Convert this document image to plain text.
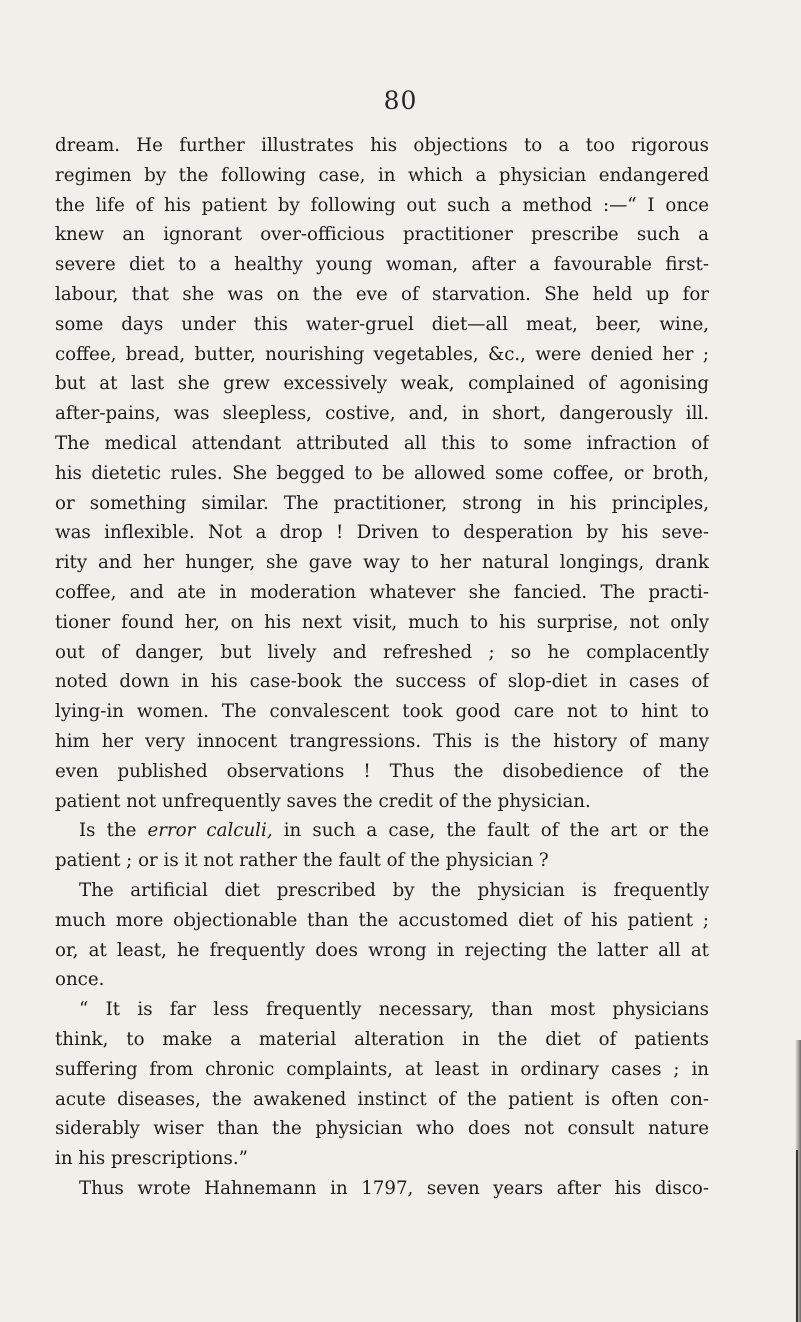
80
dream. He further illustrates his objections to a too rigorous
regimen by the following case, in which a physician endangered
the life of his patient by following out such a method :—“ I once
knew an ignorant over-officious practitioner prescribe such a
severe diet to a healthy young woman, after a favourable first-
labour, that she was on the eve of starvation. She held up for
some days under this water-gruel diet—all meat, beer, wine,
coffee, bread, butter, nourishing vegetables, &c., were denied her ;
but at last she grew excessively weak, complained of agonising
after-pains, was sleepless, costive, and, in short, dangerously ill.
The medical attendant attributed all this to some infraction of
his dietetic rules. She begged to be allowed some coffee, or broth,
or something similar. The practitioner, strong in his principles,
was inflexible. Not a drop ! Driven to desperation by his seve-
rity and her hunger, she gave way to her natural longings, drank
coffee, and ate in moderation whatever she fancied. The practi-
tioner found her, on his next visit, much to his surprise, not only
out of danger, but lively and refreshed ; so he complacently
noted down in his case-book the success of slop-diet in cases of
lying-in women. The convalescent took good care not to hint to
him her very innocent trangressions. This is the history of many
even published observations ! Thus the disobedience of the
patient not unfrequently saves the credit of the physician.
Is the error calculi, in such a case, the fault of the art or the
patient ; or is it not rather the fault of the physician ?
The artificial diet prescribed by the physician is frequently
much more objectionable than the accustomed diet of his patient ;
or, at least, he frequently does wrong in rejecting the latter all at
once.
“ It is far less frequently necessary, than most physicians
think, to make a material alteration in the diet of patients
suffering from chronic complaints, at least in ordinary cases ; in
acute diseases, the awakened instinct of the patient is often con-
siderably wiser than the physician who does not consult nature
in his prescriptions.”
Thus wrote Hahnemann in 1797, seven years after his disco-
